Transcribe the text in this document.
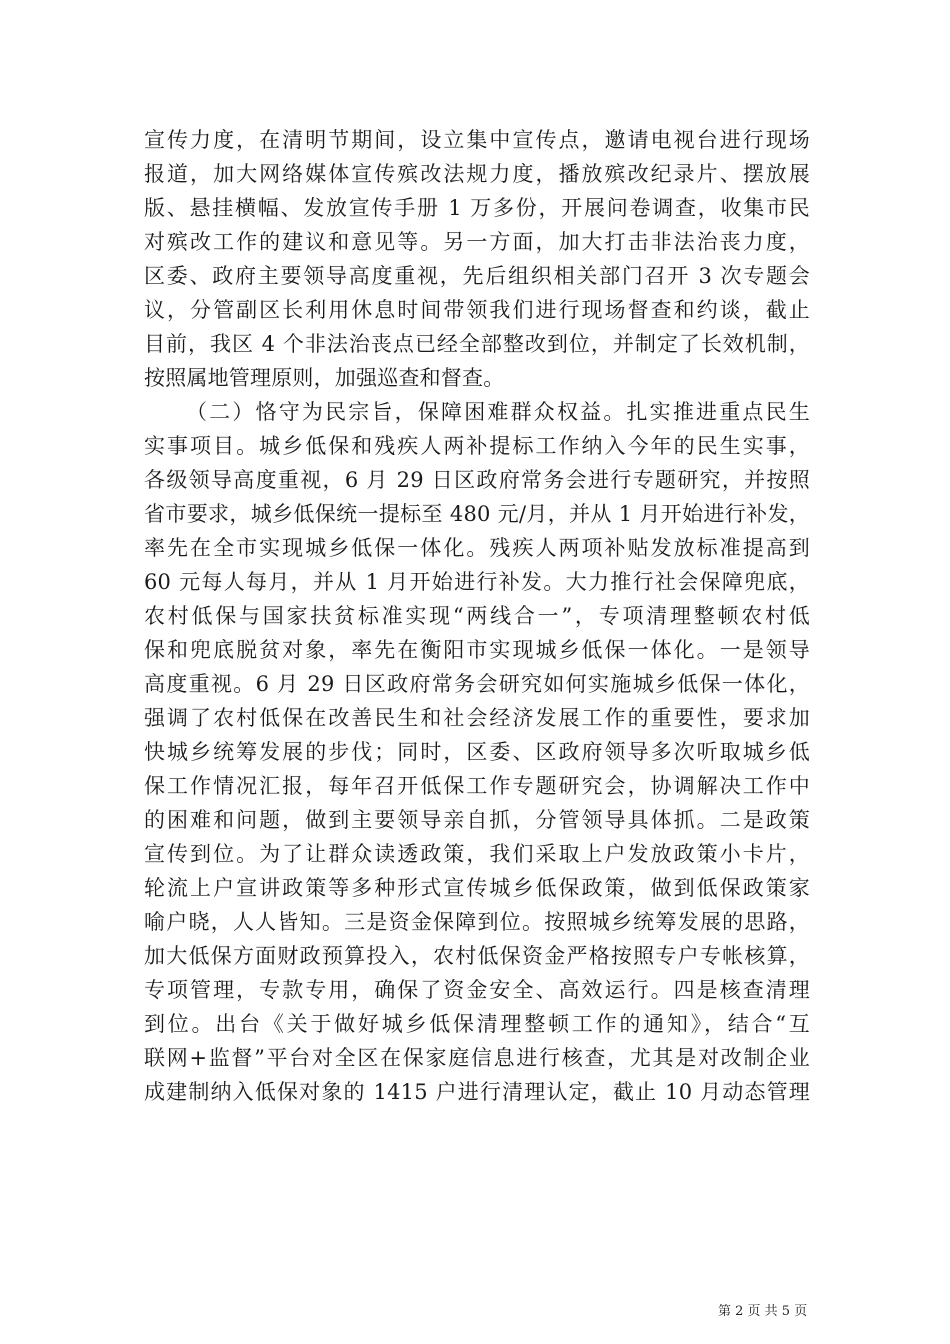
宣传力度，在清明节期间，设立集中宣传点，邀请电视台进行现场
报道，加大网络媒体宣传殡改法规力度，播放殡改纪录片、摆放展
版、悬挂横幅、发放宣传手册 1 万多份，开展问卷调查，收集市民
对殡改工作的建议和意见等。另一方面，加大打击非法治丧力度，
区委、政府主要领导高度重视，先后组织相关部门召开 3 次专题会
议，分管副区长利用休息时间带领我们进行现场督查和约谈，截止
目前，我区 4 个非法治丧点已经全部整改到位，并制定了长效机制，
按照属地管理原则，加强巡查和督查。
（二）恪守为民宗旨，保障困难群众权益。扎实推进重点民生
实事项目。城乡低保和残疾人两补提标工作纳入今年的民生实事，
各级领导高度重视，6 月 29 日区政府常务会进行专题研究，并按照
省市要求，城乡低保统一提标至 480 元/月，并从 1 月开始进行补发，
率先在全市实现城乡低保一体化。残疾人两项补贴发放标准提高到
60 元每人每月，并从 1 月开始进行补发。大力推行社会保障兜底，
农村低保与国家扶贫标准实现“两线合一”，专项清理整顿农村低
保和兜底脱贫对象，率先在衡阳市实现城乡低保一体化。一是领导
高度重视。6 月 29 日区政府常务会研究如何实施城乡低保一体化，
强调了农村低保在改善民生和社会经济发展工作的重要性，要求加
快城乡统筹发展的步伐；同时，区委、区政府领导多次听取城乡低
保工作情况汇报，每年召开低保工作专题研究会，协调解决工作中
的困难和问题，做到主要领导亲自抓，分管领导具体抓。二是政策
宣传到位。为了让群众读透政策，我们采取上户发放政策小卡片，
轮流上户宣讲政策等多种形式宣传城乡低保政策，做到低保政策家
喻户晓，人人皆知。三是资金保障到位。按照城乡统筹发展的思路，
加大低保方面财政预算投入，农村低保资金严格按照专户专帐核算，
专项管理，专款专用，确保了资金安全、高效运行。四是核查清理
到位。出台《关于做好城乡低保清理整顿工作的通知》，结合“互
联网+监督”平台对全区在保家庭信息进行核查，尤其是对改制企业
成建制纳入低保对象的 1415 户进行清理认定，截止 10 月动态管理
第 2 页 共 5 页
